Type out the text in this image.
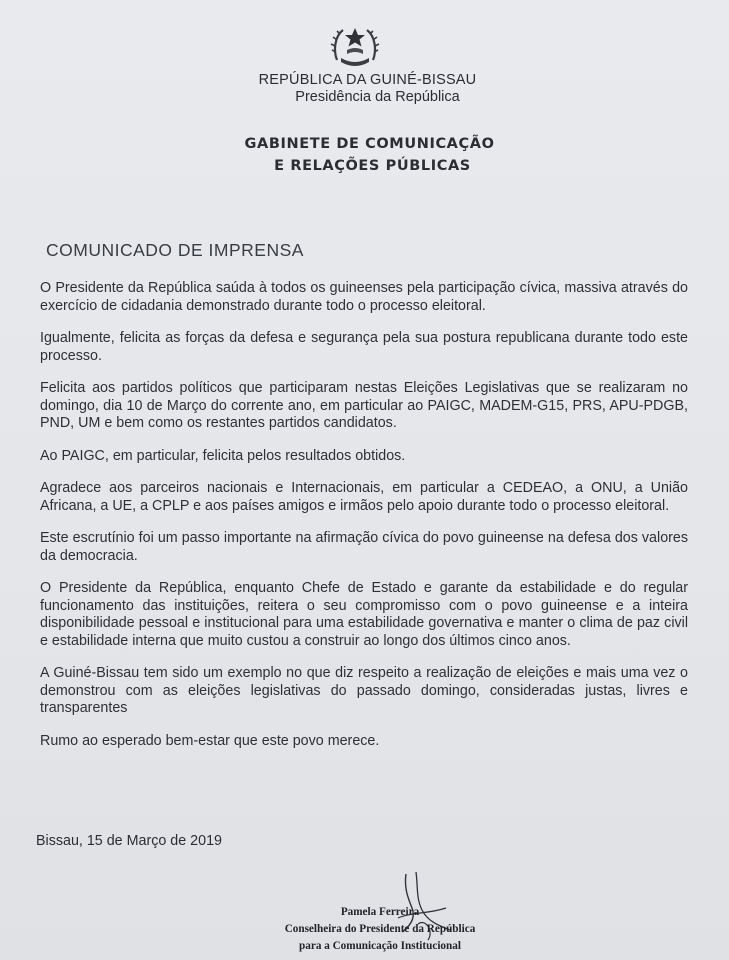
REPÚBLICA DA GUINÉ-BISSAU
Presidência da República
GABINETE DE COMUNICAÇÃO
E RELAÇÕES PÚBLICAS
COMUNICADO DE IMPRENSA

O Presidente da República saúda à todos os guineenses pela participação cívica, massiva através do exercício de cidadania demonstrado durante todo o processo eleitoral.

Igualmente, felicita as forças da defesa e segurança pela sua postura republicana durante todo este processo.

Felicita aos partidos políticos que participaram nestas Eleições Legislativas que se realizaram no domingo, dia 10 de Março do corrente ano, em particular ao PAIGC, MADEM-G15, PRS, APU-PDGB, PND, UM e bem como os restantes partidos candidatos.

Ao PAIGC, em particular, felicita pelos resultados obtidos.

Agradece aos parceiros nacionais e Internacionais, em particular a CEDEAO, a ONU, a União Africana, a UE, a CPLP e aos países amigos e irmãos pelo apoio durante todo o processo eleitoral.

Este escrutínio foi um passo importante na afirmação cívica do povo guineense na defesa dos valores da democracia.

O Presidente da República, enquanto Chefe de Estado e garante da estabilidade e do regular funcionamento das instituições, reitera o seu compromisso com o povo guineense e a inteira disponibilidade pessoal e institucional para uma estabilidade governativa e manter o clima de paz civil e estabilidade interna que muito custou a construir ao longo dos últimos cinco anos.

A Guiné-Bissau tem sido um exemplo no que diz respeito a realização de eleições e mais uma vez o demonstrou com as eleições legislativas do passado domingo, consideradas justas, livres e transparentes

Rumo ao esperado bem-estar que este povo merece.

Bissau, 15 de Março de 2019
Pamela Ferreira
Conselheira do Presidente da República
para a Comunicação Institucional
